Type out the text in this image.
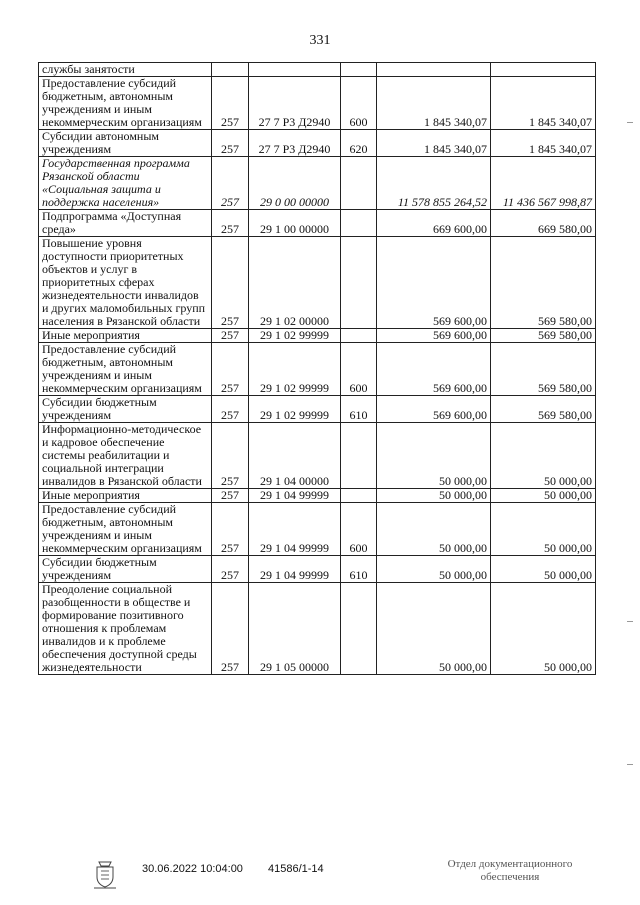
331
службы занятости					
Предоставление субсидий бюджетным, автономным учреждениям и иным некоммерческим организациям	257	27 7 Р3 Д2940	600	1 845 340,07	1 845 340,07
Субсидии автономным учреждениям	257	27 7 Р3 Д2940	620	1 845 340,07	1 845 340,07
Государственная программа Рязанской области «Социальная защита и поддержка населения»	257	29 0 00 00000		11 578 855 264,52	11 436 567 998,87
Подпрограмма «Доступная среда»	257	29 1 00 00000		669 600,00	669 580,00
Повышение уровня доступности приоритетных объектов и услуг в приоритетных сферах жизнедеятельности инвалидов и других маломобильных групп населения в Рязанской области	257	29 1 02 00000		569 600,00	569 580,00
Иные мероприятия	257	29 1 02 99999		569 600,00	569 580,00
Предоставление субсидий бюджетным, автономным учреждениям и иным некоммерческим организациям	257	29 1 02 99999	600	569 600,00	569 580,00
Субсидии бюджетным учреждениям	257	29 1 02 99999	610	569 600,00	569 580,00
Информационно-методическое и кадровое обеспечение системы реабилитации и социальной интеграции инвалидов в Рязанской области	257	29 1 04 00000		50 000,00	50 000,00
Иные мероприятия	257	29 1 04 99999		50 000,00	50 000,00
Предоставление субсидий бюджетным, автономным учреждениям и иным некоммерческим организациям	257	29 1 04 99999	600	50 000,00	50 000,00
Субсидии бюджетным учреждениям	257	29 1 04 99999	610	50 000,00	50 000,00
Преодоление социальной разобщенности в обществе и формирование позитивного отношения к проблемам инвалидов и к проблеме обеспечения доступной среды жизнедеятельности	257	29 1 05 00000		50 000,00	50 000,00
30.06.2022 10:04:00 41586/1-14	Отдел документационного обеспечения
